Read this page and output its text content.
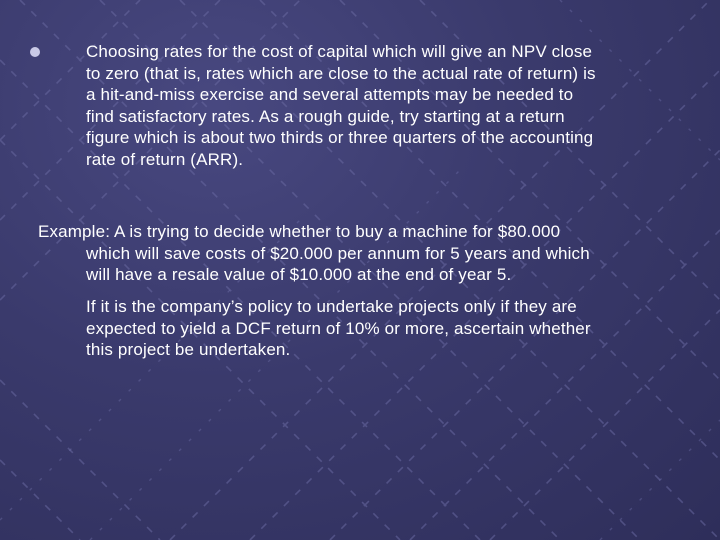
Choosing rates for the cost of capital which will give an NPV close
to zero (that is, rates which are close to the actual rate of return) is
a hit-and-miss exercise and several attempts may be needed to
find satisfactory rates. As a rough guide, try starting at a return
figure which is about two thirds or three quarters of the accounting
rate of return (ARR).

Example: A is trying to decide whether to buy a machine for $80.000

which will save costs of $20.000 per annum for 5 years and which
will have a resale value of $10.000 at the end of year 5.

If it is the company’s policy to undertake projects only if they are
expected to yield a DCF return of 10% or more, ascertain whether
this project be undertaken.
